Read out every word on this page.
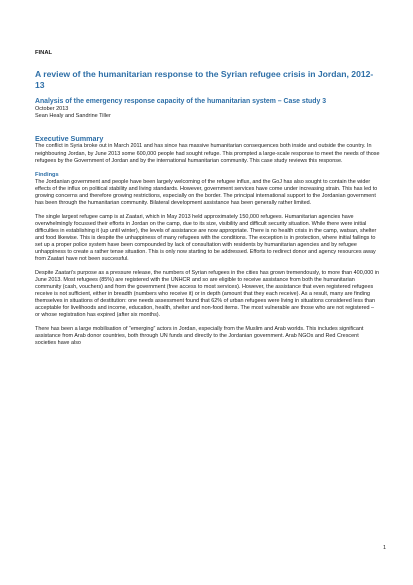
FINAL

A review of the humanitarian response to the Syrian refugee crisis in Jordan, 2012-13
Analysis of the emergency response capacity of the humanitarian system – Case study 3

October 2013

Sean Healy and Sandrine Tiller

Executive Summary

The conflict in Syria broke out in March 2011 and has since has massive humanitarian consequences both inside and outside the country. In neighbouring Jordan, by June 2013 some 600,000 people had sought refuge. This prompted a large-scale response to meet the needs of those refugees by the Government of Jordan and by the international humanitarian community. This case study reviews this response.

Findings

The Jordanian government and people have been largely welcoming of the refugee influx, and the GoJ has also sought to contain the wider effects of the influx on political stability and living standards. However, government services have come under increasing strain. This has led to growing concerns and therefore growing restrictions, especially on the border. The principal international support to the Jordanian government has been through the humanitarian community. Bilateral development assistance has been generally rather limited.

The single largest refugee camp is at Zaatari, which in May 2013 held approximately 150,000 refugees. Humanitarian agencies have overwhelmingly focussed their efforts in Jordan on the camp, due to its size, visibility and difficult security situation. While there were initial difficulties in establishing it (up until winter), the levels of assistance are now appropriate. There is no health crisis in the camp, watsan, shelter and food likewise. This is despite the unhappiness of many refugees with the conditions. The exception is in protection, where initial failings to set up a proper police system have been compounded by lack of consultation with residents by humanitarian agencies and by refugee unhappiness to create a rather tense situation. This is only now starting to be addressed. Efforts to redirect donor and agency resources away from Zaatari have not been successful.

Despite Zaatari’s purpose as a pressure release, the numbers of Syrian refugees in the cities has grown tremendously, to more than 400,000 in June 2013. Most refugees (85%) are registered with the UNHCR and so are eligible to receive assistance from both the humanitarian community (cash, vouchers) and from the government (free access to most services). However, the assistance that even registered refugees receive is not sufficient, either in breadth (numbers who receive it) or in depth (amount that they each receive). As a result, many are finding themselves in situations of destitution: one needs assessment found that 62% of urban refugees were living in situations considered less than acceptable for livelihoods and income, education, health, shelter and non-food items. The most vulnerable are those who are not registered – or whose registration has expired (after six months).

There has been a large mobilisation of “emerging” actors in Jordan, especially from the Muslim and Arab worlds. This includes significant assistance from Arab donor countries, both through UN funds and directly to the Jordanian government. Arab NGOs and Red Crescent societies have also

1
